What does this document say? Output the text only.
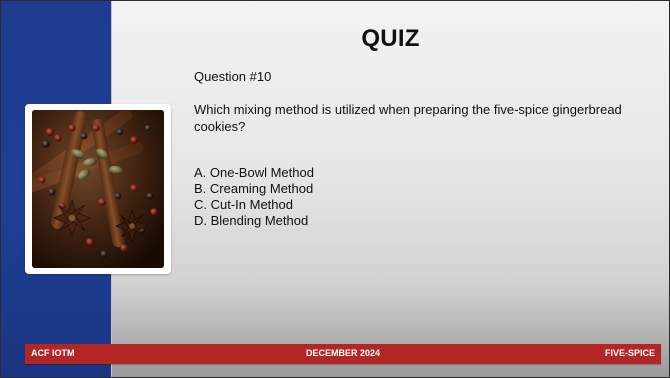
QUIZ
Question #10
Which mixing method is utilized when preparing the five-spice gingerbread cookies?
A. One-Bowl Method
B. Creaming Method
C. Cut-In Method
D. Blending Method
ACF IOTM	DECEMBER 2024	FIVE-SPICE
